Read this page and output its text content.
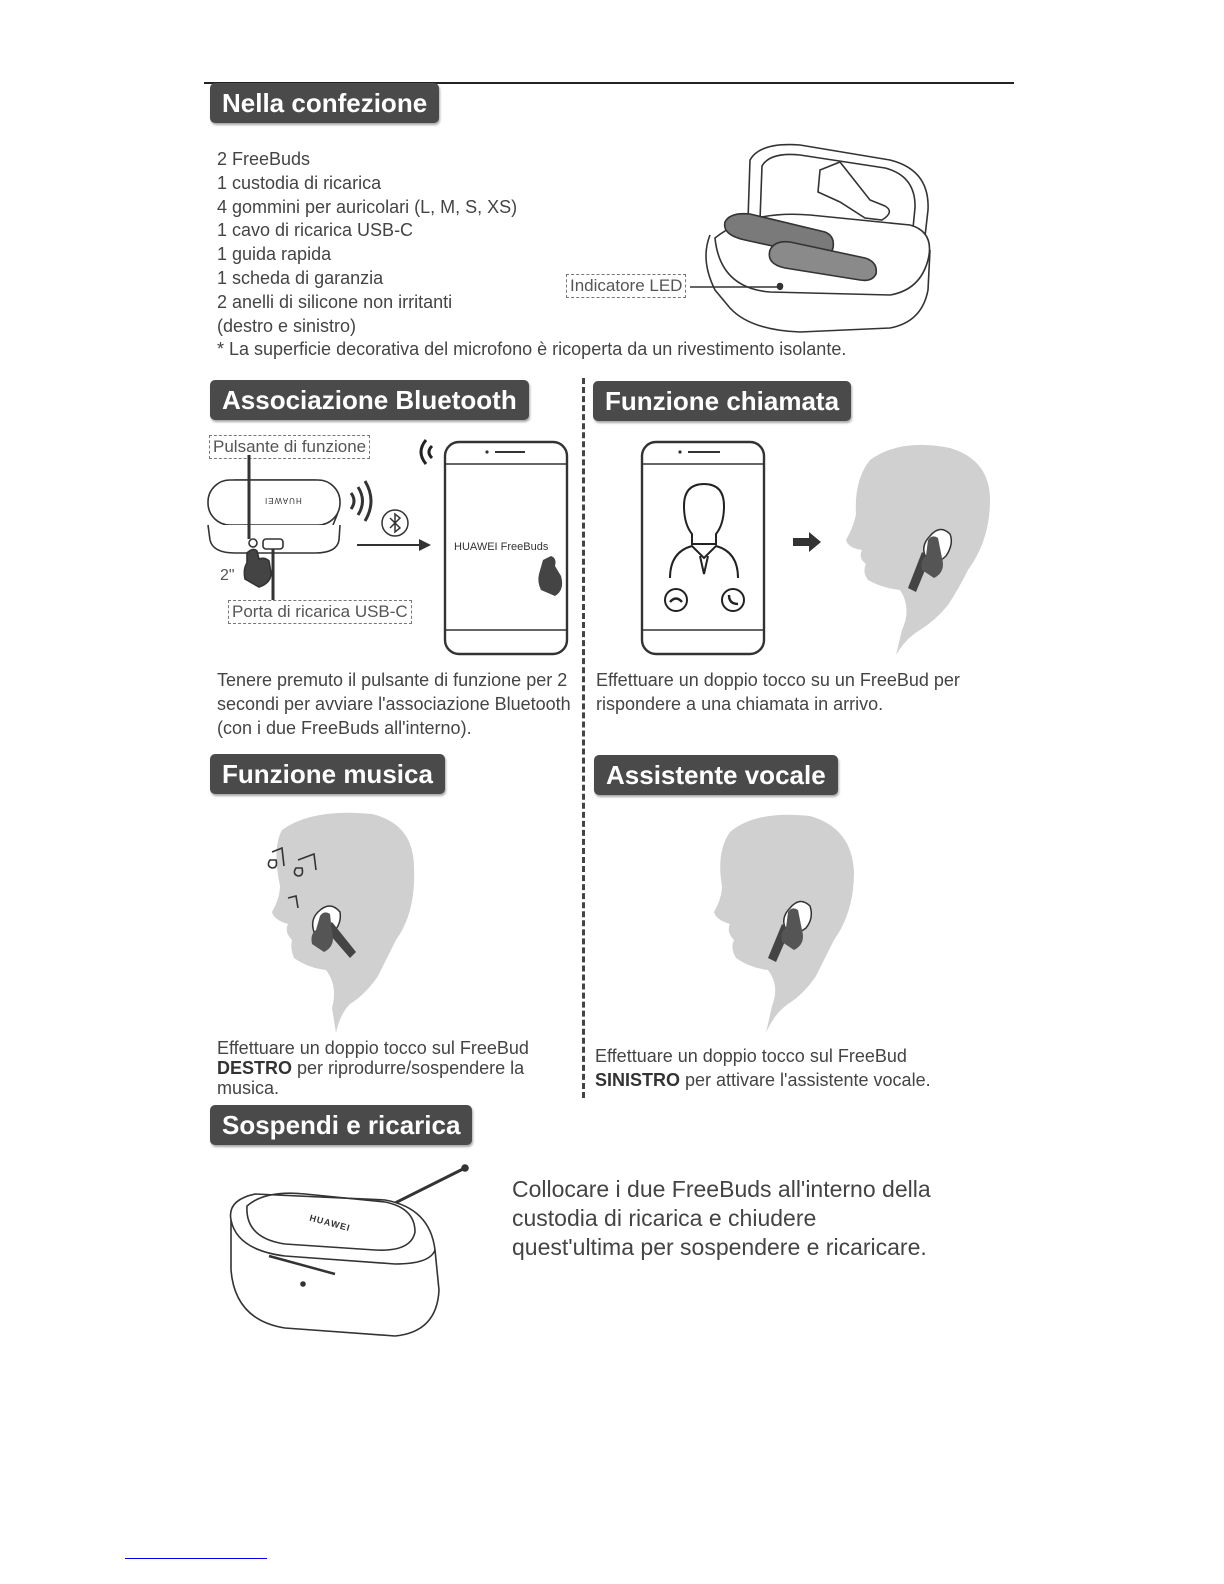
Nella confezione
2 FreeBuds
1 custodia di ricarica
4 gommini per auricolari (L, M, S, XS)
1 cavo di ricarica USB-C
1 guida rapida
1 scheda di garanzia
2 anelli di silicone non irritanti
(destro e sinistro)
* La superficie decorativa del microfono è ricoperta da un rivestimento isolante.
Indicatore LED
Associazione Bluetooth
Pulsante di funzione
HUAWEI
2"
Porta di ricarica USB-C
HUAWEI FreeBuds
Tenere premuto il pulsante di funzione per 2 secondi per avviare l'associazione Bluetooth (con i due FreeBuds all'interno).
Funzione chiamata
Effettuare un doppio tocco su un FreeBud per rispondere a una chiamata in arrivo.
Funzione musica
Effettuare un doppio tocco sul FreeBud DESTRO per riprodurre/sospendere la musica.
Assistente vocale
Effettuare un doppio tocco sul FreeBud SINISTRO per attivare l'assistente vocale.
Sospendi e ricarica
HUAWEI
Collocare i due FreeBuds all'interno della custodia di ricarica e chiudere quest'ultima per sospendere e ricaricare.
